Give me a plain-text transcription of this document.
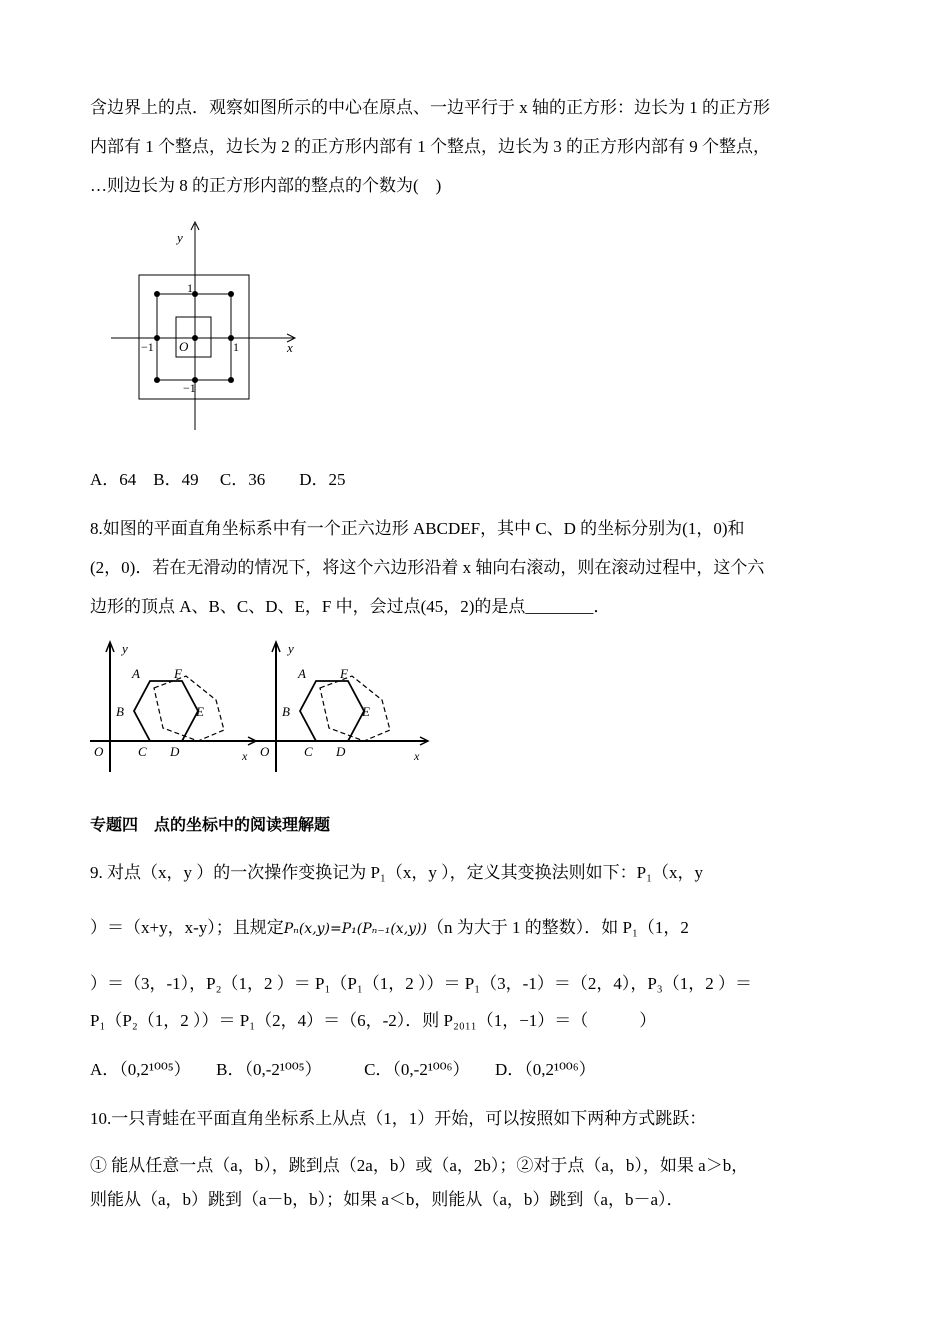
含边界上的点．观察如图所示的中心在原点、一边平行于 x 轴的正方形：边长为 1 的正方形
内部有 1 个整点，边长为 2 的正方形内部有 1 个整点，边长为 3 的正方形内部有 9 个整点，
…则边长为 8 的正方形内部的整点的个数为(　)
y
x
O
1
−1	1
−1
A．64　B．49　 C．36　　D．25
8.如图的平面直角坐标系中有一个正六边形 ABCDEF，其中 C、D 的坐标分别为(1，0)和
(2，0)．若在无滑动的情况下，将这个六边形沿着 x 轴向右滚动，则在滚动过程中，这个六
边形的顶点 A、B、C、D、E，F 中，会过点(45，2)的是点________．
y
O	x
A	F
B	E
C D
y
O	x
A	F
B	E
C D
专题四　点的坐标中的阅读理解题
9. 对点（x，y ）的一次操作变换记为 P₁（x，y ），定义其变换法则如下：P₁（x，y
）＝（x+y，x-y）；且规定Pₙ(x,y)=P₁(Pₙ₋₁(x,y))（n 为大于 1 的整数）．如 P₁（1，2
）＝（3，-1），P₂（1，2 ）＝ P₁（P₁（1，2 ））＝ P₁（3，-1）＝（2，4），P₃（1，2 ）＝
P₁（P₂（1，2 ））＝ P₁（2，4）＝（6，-2）．则 P₂₀₁₁（1，−1）＝（　　　）
A．（0,2¹⁰⁰⁵）　　B．（0,-2¹⁰⁰⁵）　　　C．（0,-2¹⁰⁰⁶）　　D．（0,2¹⁰⁰⁶）
10.一只青蛙在平面直角坐标系上从点（1，1）开始，可以按照如下两种方式跳跃：
① 能从任意一点（a，b），跳到点（2a，b）或（a，2b）；②对于点（a，b），如果 a＞b，
则能从（a，b）跳到（a－b，b）；如果 a＜b，则能从（a，b）跳到（a，b－a）．
